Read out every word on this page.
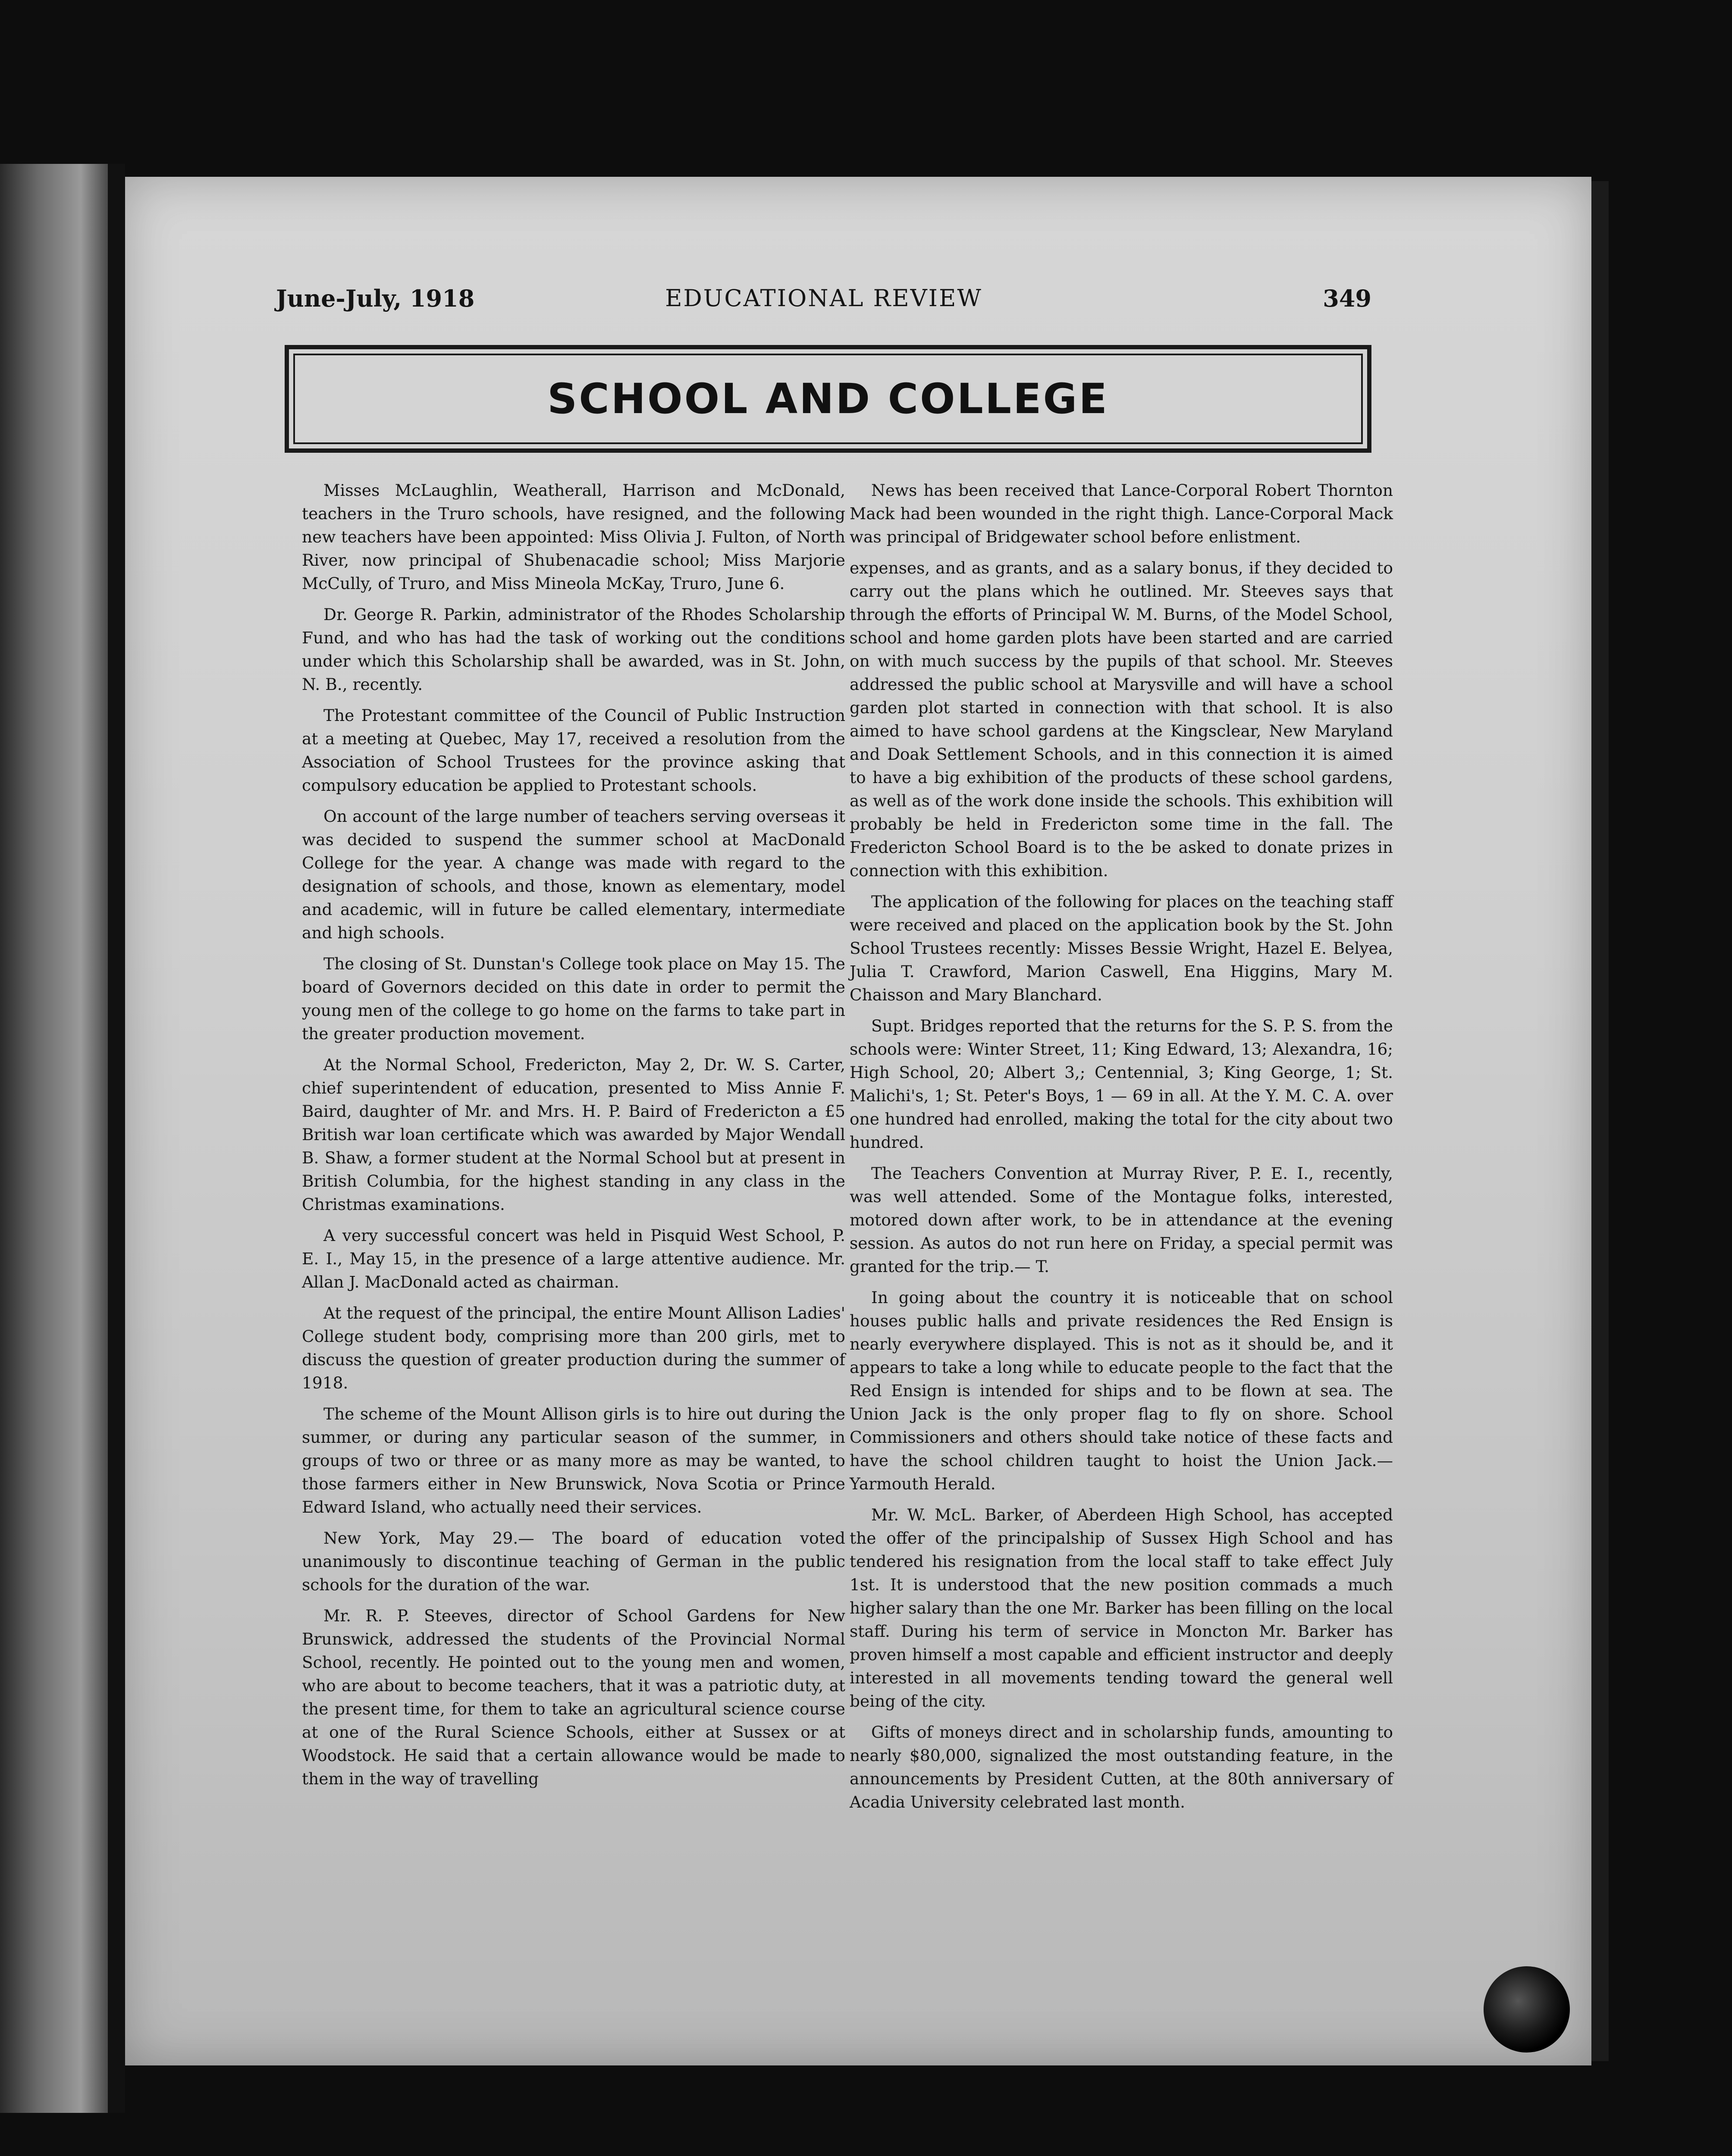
June-July, 1918	EDUCATIONAL REVIEW	349
SCHOOL AND COLLEGE

Misses McLaughlin, Weatherall, Harrison and McDonald, teachers in the Truro schools, have resigned, and the following new teachers have been appointed: Miss Olivia J. Fulton, of North River, now principal of Shubenacadie school; Miss Marjorie McCully, of Truro, and Miss Mineola McKay, Truro, June 6.

Dr. George R. Parkin, administrator of the Rhodes Scholarship Fund, and who has had the task of working out the conditions under which this Scholarship shall be awarded, was in St. John, N. B., recently.

The Protestant committee of the Council of Public Instruction at a meeting at Quebec, May 17, received a resolution from the Association of School Trustees for the province asking that compulsory education be applied to Protestant schools.

On account of the large number of teachers serving overseas it was decided to suspend the summer school at MacDonald College for the year. A change was made with regard to the designation of schools, and those, known as elementary, model and academic, will in future be called elementary, intermediate and high schools.

The closing of St. Dunstan's College took place on May 15. The board of Governors decided on this date in order to permit the young men of the college to go home on the farms to take part in the greater production movement.

At the Normal School, Fredericton, May 2, Dr. W. S. Carter, chief superintendent of education, presented to Miss Annie F. Baird, daughter of Mr. and Mrs. H. P. Baird of Fredericton a £5 British war loan certificate which was awarded by Major Wendall B. Shaw, a former student at the Normal School but at present in British Columbia, for the highest standing in any class in the Christmas examinations.

A very successful concert was held in Pisquid West School, P. E. I., May 15, in the presence of a large attentive audience. Mr. Allan J. MacDonald acted as chairman.

At the request of the principal, the entire Mount Allison Ladies' College student body, comprising more than 200 girls, met to discuss the question of greater production during the summer of 1918.

The scheme of the Mount Allison girls is to hire out during the summer, or during any particular season of the summer, in groups of two or three or as many more as may be wanted, to those farmers either in New Brunswick, Nova Scotia or Prince Edward Island, who actually need their services.

New York, May 29.— The board of education voted unanimously to discontinue teaching of German in the public schools for the duration of the war.

Mr. R. P. Steeves, director of School Gardens for New Brunswick, addressed the students of the Provincial Normal School, recently. He pointed out to the young men and women, who are about to become teachers, that it was a patriotic duty, at the present time, for them to take an agricultural science course at one of the Rural Science Schools, either at Sussex or at Woodstock. He said that a certain allowance would be made to them in the way of travelling

News has been received that Lance-Corporal Robert Thornton Mack had been wounded in the right thigh. Lance-Corporal Mack was principal of Bridgewater school before enlistment.

expenses, and as grants, and as a salary bonus, if they decided to carry out the plans which he outlined. Mr. Steeves says that through the efforts of Principal W. M. Burns, of the Model School, school and home garden plots have been started and are carried on with much success by the pupils of that school. Mr. Steeves addressed the public school at Marysville and will have a school garden plot started in connection with that school. It is also aimed to have school gardens at the Kingsclear, New Maryland and Doak Settlement Schools, and in this connection it is aimed to have a big exhibition of the products of these school gardens, as well as of the work done inside the schools. This exhibition will probably be held in Fredericton some time in the fall. The Fredericton School Board is to the be asked to donate prizes in connection with this exhibition.

The application of the following for places on the teaching staff were received and placed on the application book by the St. John School Trustees recently: Misses Bessie Wright, Hazel E. Belyea, Julia T. Crawford, Marion Caswell, Ena Higgins, Mary M. Chaisson and Mary Blanchard.

Supt. Bridges reported that the returns for the S. P. S. from the schools were: Winter Street, 11; King Edward, 13; Alexandra, 16; High School, 20; Albert 3,; Centennial, 3; King George, 1; St. Malichi's, 1; St. Peter's Boys, 1 — 69 in all. At the Y. M. C. A. over one hundred had enrolled, making the total for the city about two hundred.

The Teachers Convention at Murray River, P. E. I., recently, was well attended. Some of the Montague folks, interested, motored down after work, to be in attendance at the evening session. As autos do not run here on Friday, a special permit was granted for the trip.— T.

In going about the country it is noticeable that on school houses public halls and private residences the Red Ensign is nearly everywhere displayed. This is not as it should be, and it appears to take a long while to educate people to the fact that the Red Ensign is intended for ships and to be flown at sea. The Union Jack is the only proper flag to fly on shore. School Commissioners and others should take notice of these facts and have the school children taught to hoist the Union Jack.— Yarmouth Herald.

Mr. W. McL. Barker, of Aberdeen High School, has accepted the offer of the principalship of Sussex High School and has tendered his resignation from the local staff to take effect July 1st. It is understood that the new position commads a much higher salary than the one Mr. Barker has been filling on the local staff. During his term of service in Moncton Mr. Barker has proven himself a most capable and efficient instructor and deeply interested in all movements tending toward the general well being of the city.

Gifts of moneys direct and in scholarship funds, amounting to nearly $80,000, signalized the most outstanding feature, in the announcements by President Cutten, at the 80th anniversary of Acadia University celebrated last month.
